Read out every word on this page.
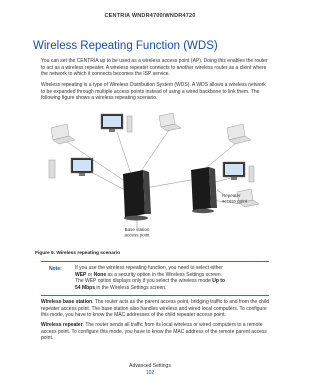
CENTRIA WNDR4700/WNDR4720
Wireless Repeating Function (WDS)

You can set the CENTRIA up to be used as a wireless access point (AP). Doing this enables the router to act as a wireless repeater. A wireless repeater connects to another wireless router as a client where the network to which it connects becomes the ISP service.

Wireless repeating is a type of Wireless Distribution System (WDS). A WDS allows a wireless network to be expanded through multiple access points instead of using a wired backbone to link them. The following figure shows a wireless repeating scenario.

Base station
access point
Repeater
access point
Figure 9. Wireless repeating scenario
Note:	If you use the wireless repeating function, you need to select either
WEP or None as a security option in the Wireless Settings screen.
The WEP option displays only if you select the wireless mode Up to
54 Mbps in the Wireless Settings screen.

Wireless base station. The router acts as the parent access point, bridging traffic to and from the child repeater access point. The base station also handles wireless and wired local computers. To configure this mode, you have to know the MAC addresses of the child repeater access point.

Wireless repeater. The router sends all traffic from its local wireless or wired computers to a remote access point. To configure this mode, you have to know the MAC address of the remote parent access point.

Advanced Settings
102
